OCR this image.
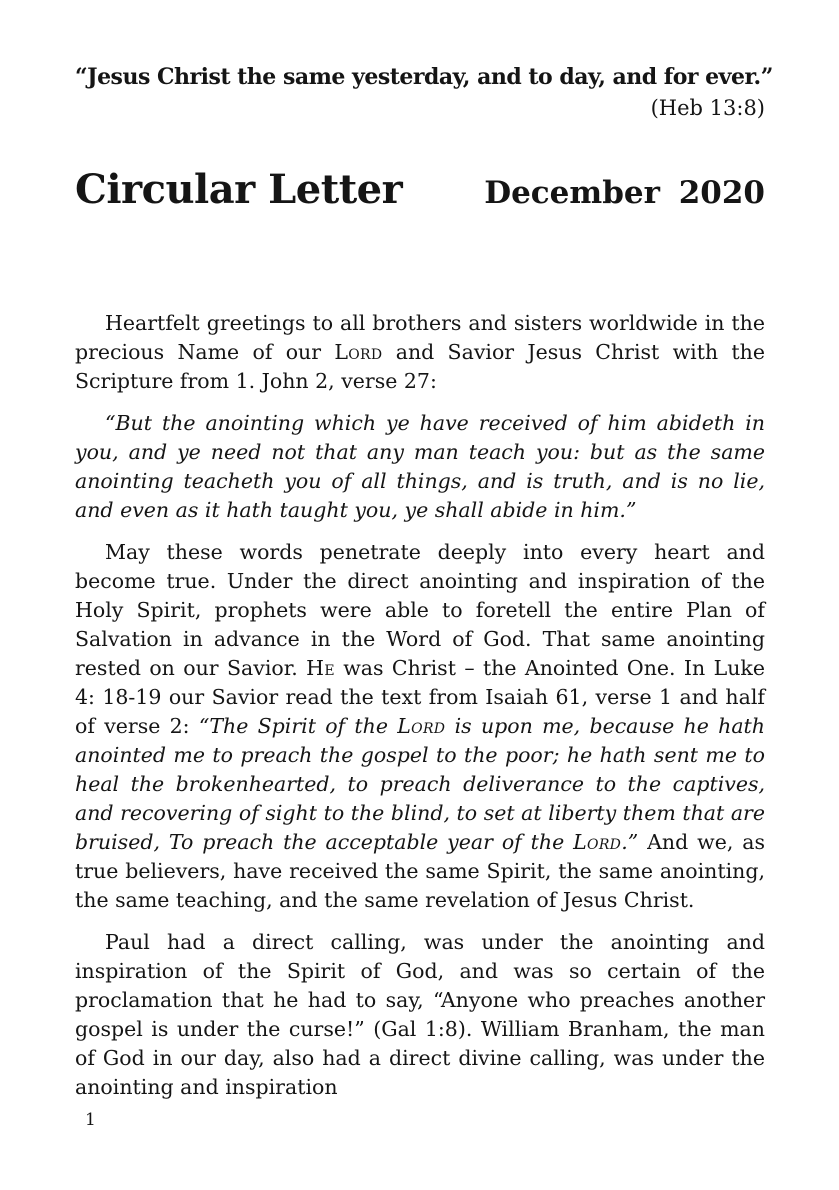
“Jesus Christ the same yesterday, and to day, and for ever.”
(Heb 13:8)
Circular Letter	December 2020

Heartfelt greetings to all brothers and sisters worldwide in the precious Name of our Lord and Savior Jesus Christ with the Scripture from 1. John 2, verse 27:

“But the anointing which ye have received of him abideth in you, and ye need not that any man teach you: but as the same anointing teacheth you of all things, and is truth, and is no lie, and even as it hath taught you, ye shall abide in him.”

May these words penetrate deeply into every heart and become true. Under the direct anointing and inspiration of the Holy Spirit, prophets were able to foretell the entire Plan of Salvation in advance in the Word of God. That same anointing rested on our Savior. He was Christ – the Anointed One. In Luke 4: 18-19 our Savior read the text from Isaiah 61, verse 1 and half of verse 2: “The Spirit of the Lord is upon me, because he hath anointed me to preach the gospel to the poor; he hath sent me to heal the brokenhearted, to preach deliverance to the captives, and recovering of sight to the blind, to set at liberty them that are bruised, To preach the acceptable year of the Lord.” And we, as true believers, have received the same Spirit, the same anointing, the same teaching, and the same revelation of Jesus Christ.

Paul had a direct calling, was under the anointing and inspiration of the Spirit of God, and was so certain of the proclamation that he had to say, “Anyone who preaches another gospel is under the curse!” (Gal 1:8). William Branham, the man of God in our day, also had a direct divine calling, was under the anointing and inspiration

1
